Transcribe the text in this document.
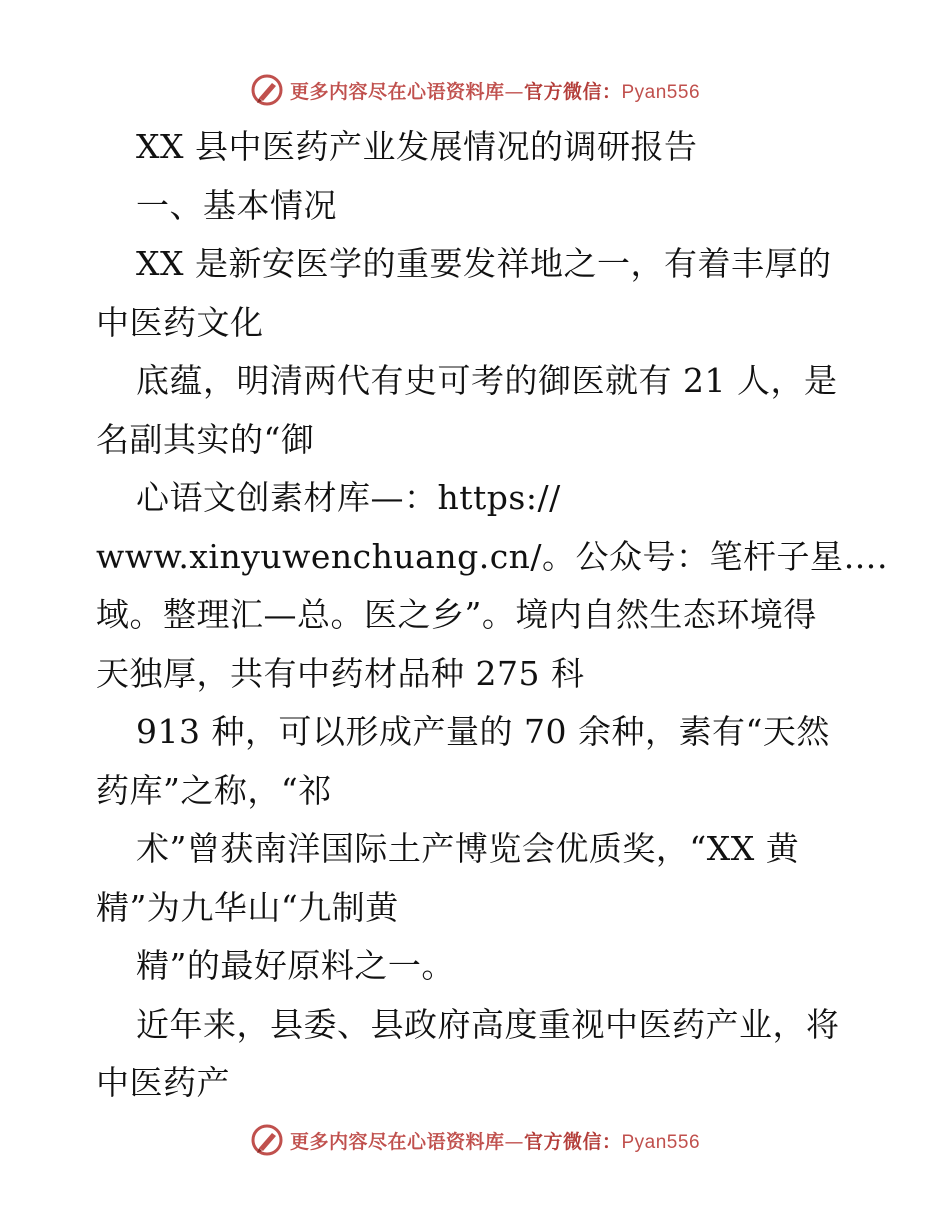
更多内容尽在心语资料库—官方微信：Pyan556
XX 县中医药产业发展情况的调研报告
一、基本情况
XX 是新安医学的重要发祥地之一，有着丰厚的
中医药文化
底蕴，明清两代有史可考的御医就有 21 人，是
名副其实的“御
心语文创素材库—：https://
www.xinyuwenchuang.cn/。公众号：笔杆子星….
域。整理汇—总。医之乡”。境内自然生态环境得
天独厚，共有中药材品种 275 科
913 种，可以形成产量的 70 余种，素有“天然
药库”之称，“祁
术”曾获南洋国际土产博览会优质奖，“XX 黄
精”为九华山“九制黄
精”的最好原料之一。
近年来，县委、县政府高度重视中医药产业，将
中医药产
更多内容尽在心语资料库—官方微信：Pyan556
